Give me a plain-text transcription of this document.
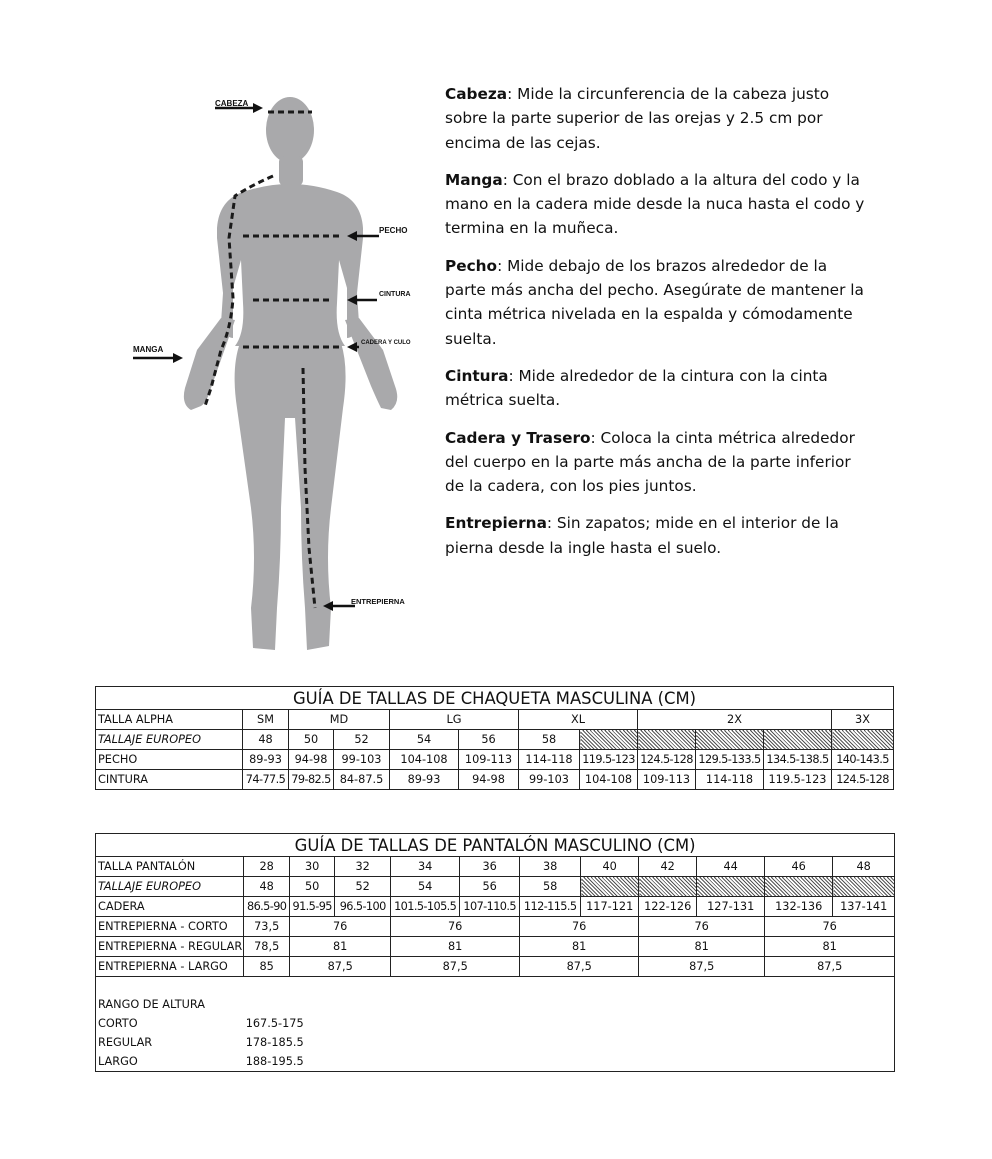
CABEZA
PECHO
CINTURA
CADERA Y CULO
MANGA
ENTREPIERNA

Cabeza: Mide la circunferencia de la cabeza justo sobre la parte superior de las orejas y 2.5 cm por encima de las cejas.

Manga: Con el brazo doblado a la altura del codo y la mano en la cadera mide desde la nuca hasta el codo y termina en la muñeca.

Pecho: Mide debajo de los brazos alrededor de la parte más ancha del pecho. Asegúrate de mantener la cinta métrica nivelada en la espalda y cómodamente suelta.

Cintura: Mide alrededor de la cintura con la cinta métrica suelta.

Cadera y Trasero: Coloca la cinta métrica alrededor del cuerpo en la parte más ancha de la parte inferior de la cadera, con los pies juntos.

Entrepierna: Sin zapatos; mide en el interior de la pierna desde la ingle hasta el suelo.

GUÍA DE TALLAS DE CHAQUETA MASCULINA (CM)											
TALLA ALPHA	SM	MD		LG		XL		2X			3X
TALLAJE EUROPEO	48	50	52	54	56	58					
PECHO	89-93	94-98	99-103	104-108	109-113	114-118	119.5-123	124.5-128	129.5-133.5	134.5-138.5	140-143.5
CINTURA	74-77.5	79-82.5	84-87.5	89-93	94-98	99-103	104-108	109-113	114-118	119.5-123	124.5-128
GUÍA DE TALLAS DE PANTALÓN MASCULINO (CM)											
TALLA PANTALÓN	28	30	32	34	36	38	40	42	44	46	48
TALLAJE EUROPEO	48	50	52	54	56	58					
CADERA	86.5-90	91.5-95	96.5-100	101.5-105.5	107-110.5	112-115.5	117-121	122-126	127-131	132-136	137-141
ENTREPIERNA - CORTO	73,5	76		76		76		76		76	
ENTREPIERNA - REGULAR	78,5	81		81		81		81		81	
ENTREPIERNA - LARGO	85	87,5		87,5		87,5		87,5		87,5	

RANGO DE ALTURA											
CORTO	167.5-175										
REGULAR	178-185.5										
LARGO	188-195.5										
